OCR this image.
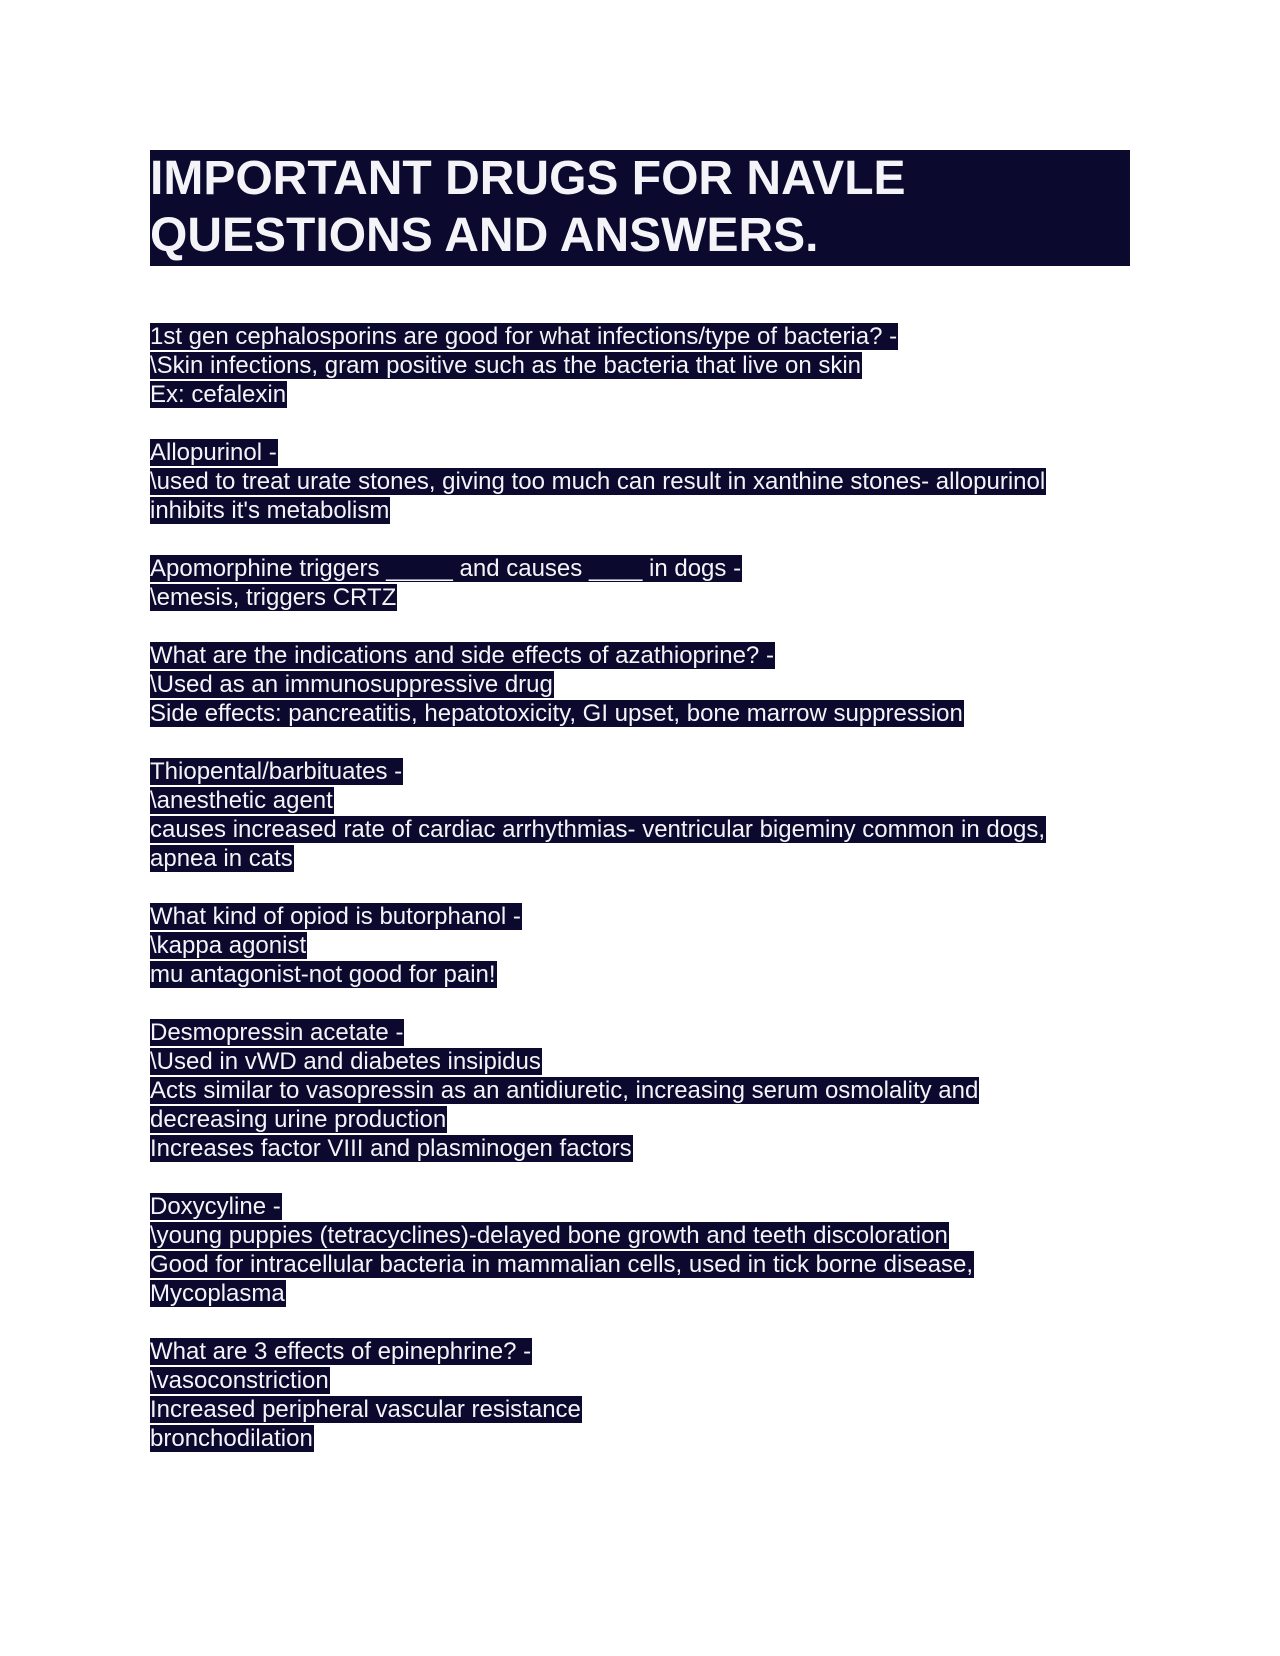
IMPORTANT DRUGS FOR NAVLE
QUESTIONS AND ANSWERS.
1st gen cephalosporins are good for what infections/type of bacteria? -
\Skin infections, gram positive such as the bacteria that live on skin
Ex: cefalexin
Allopurinol -
\used to treat urate stones, giving too much can result in xanthine stones- allopurinol
inhibits it's metabolism
Apomorphine triggers _____ and causes ____ in dogs -
\emesis, triggers CRTZ
What are the indications and side effects of azathioprine? -
\Used as an immunosuppressive drug
Side effects: pancreatitis, hepatotoxicity, GI upset, bone marrow suppression
Thiopental/barbituates -
\anesthetic agent
causes increased rate of cardiac arrhythmias- ventricular bigeminy common in dogs,
apnea in cats
What kind of opiod is butorphanol -
\kappa agonist
mu antagonist-not good for pain!
Desmopressin acetate -
\Used in vWD and diabetes insipidus
Acts similar to vasopressin as an antidiuretic, increasing serum osmolality and
decreasing urine production
Increases factor VIII and plasminogen factors
Doxycyline -
\young puppies (tetracyclines)-delayed bone growth and teeth discoloration
Good for intracellular bacteria in mammalian cells, used in tick borne disease,
Mycoplasma
What are 3 effects of epinephrine? -
\vasoconstriction
Increased peripheral vascular resistance
bronchodilation
